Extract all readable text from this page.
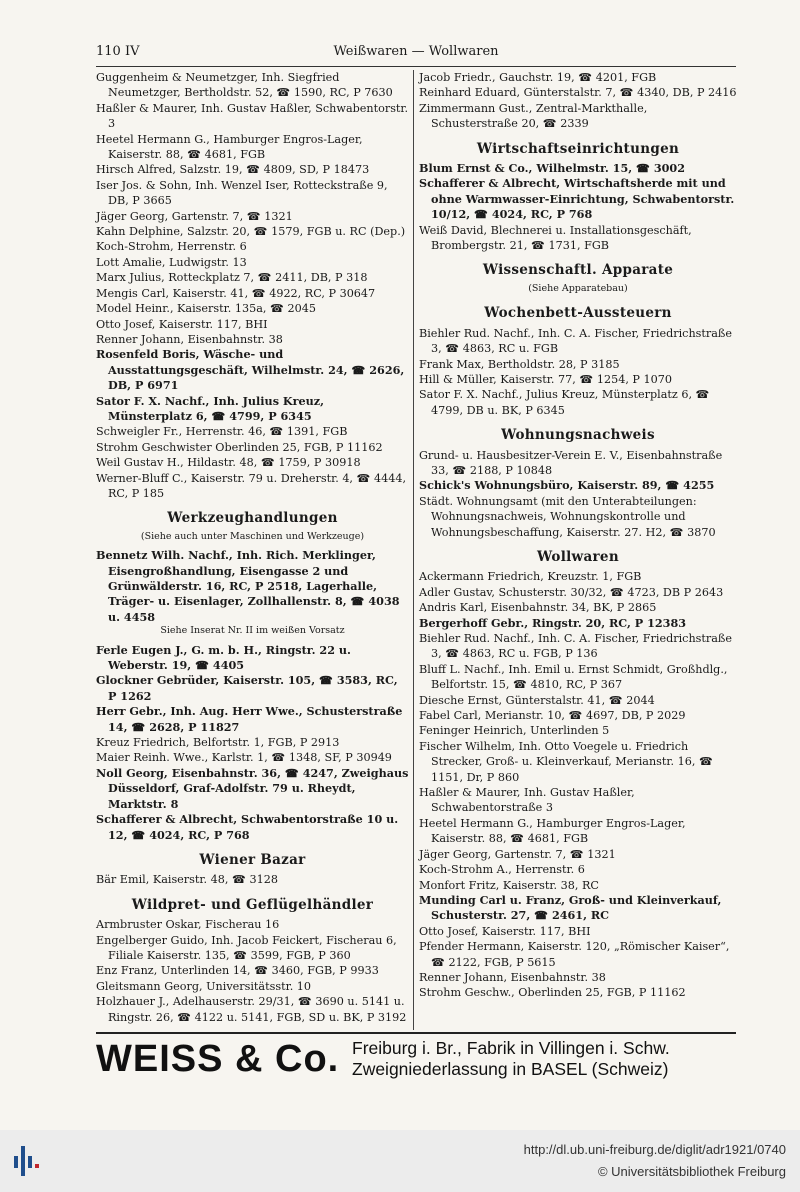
110 IV	Weißwaren — Wollwaren
Guggenheim & Neumetzger, Inh. Siegfried Neumetzger, Bertholdstr. 52, ☎ 1590, RC, P 7630
Haßler & Maurer, Inh. Gustav Haßler, Schwabentorstr. 3
Heetel Hermann G., Hamburger Engros-Lager, Kaiserstr. 88, ☎ 4681, FGB
Hirsch Alfred, Salzstr. 19, ☎ 4809, SD, P 18473
Iser Jos. & Sohn, Inh. Wenzel Iser, Rotteckstraße 9, DB, P 3665
Jäger Georg, Gartenstr. 7, ☎ 1321
Kahn Delphine, Salzstr. 20, ☎ 1579, FGB u. RC (Dep.)
Koch-Strohm, Herrenstr. 6
Lott Amalie, Ludwigstr. 13
Marx Julius, Rotteckplatz 7, ☎ 2411, DB, P 318
Mengis Carl, Kaiserstr. 41, ☎ 4922, RC, P 30647
Model Heinr., Kaiserstr. 135a, ☎ 2045
Otto Josef, Kaiserstr. 117, BHI
Renner Johann, Eisenbahnstr. 38
Rosenfeld Boris, Wäsche- und Ausstattungsgeschäft, Wilhelmstr. 24, ☎ 2626, DB, P 6971
Sator F. X. Nachf., Inh. Julius Kreuz, Münsterplatz 6, ☎ 4799, P 6345
Schweigler Fr., Herrenstr. 46, ☎ 1391, FGB
Strohm Geschwister Oberlinden 25, FGB, P 11162
Weil Gustav H., Hildastr. 48, ☎ 1759, P 30918
Werner-Bluff C., Kaiserstr. 79 u. Dreherstr. 4, ☎ 4444, RC, P 185
Werkzeughandlungen
(Siehe auch unter Maschinen und Werkzeuge)
Bennetz Wilh. Nachf., Inh. Rich. Merklinger, Eisengroßhandlung, Eisengasse 2 und Grünwälderstr. 16, RC, P 2518, Lagerhalle, Träger- u. Eisenlager, Zollhallenstr. 8, ☎ 4038 u. 4458
Siehe Inserat Nr. II im weißen Vorsatz
Ferle Eugen J., G. m. b. H., Ringstr. 22 u. Weberstr. 19, ☎ 4405
Glockner Gebrüder, Kaiserstr. 105, ☎ 3583, RC, P 1262
Herr Gebr., Inh. Aug. Herr Wwe., Schusterstraße 14, ☎ 2628, P 11827
Kreuz Friedrich, Belfortstr. 1, FGB, P 2913
Maier Reinh. Wwe., Karlstr. 1, ☎ 1348, SF, P 30949
Noll Georg, Eisenbahnstr. 36, ☎ 4247, Zweighaus Düsseldorf, Graf-Adolfstr. 79 u. Rheydt, Marktstr. 8
Schafferer & Albrecht, Schwabentorstraße 10 u. 12, ☎ 4024, RC, P 768
Wiener Bazar
Bär Emil, Kaiserstr. 48, ☎ 3128
Wildpret- und Geflügelhändler
Armbruster Oskar, Fischerau 16
Engelberger Guido, Inh. Jacob Feickert, Fischerau 6, Filiale Kaiserstr. 135, ☎ 3599, FGB, P 360
Enz Franz, Unterlinden 14, ☎ 3460, FGB, P 9933
Gleitsmann Georg, Universitätsstr. 10
Holzhauer J., Adelhauserstr. 29/31, ☎ 3690 u. 5141 u. Ringstr. 26, ☎ 4122 u. 5141, FGB, SD u. BK, P 3192
Jacob Friedr., Gauchstr. 19, ☎ 4201, FGB
Reinhard Eduard, Günterstalstr. 7, ☎ 4340, DB, P 2416
Zimmermann Gust., Zentral-Markthalle, Schusterstraße 20, ☎ 2339
Wirtschaftseinrichtungen
Blum Ernst & Co., Wilhelmstr. 15, ☎ 3002
Schafferer & Albrecht, Wirtschaftsherde mit und ohne Warmwasser-Einrichtung, Schwabentorstr. 10/12, ☎ 4024, RC, P 768
Weiß David, Blechnerei u. Installationsgeschäft, Brombergstr. 21, ☎ 1731, FGB
Wissenschaftl. Apparate
(Siehe Apparatebau)
Wochenbett-Aussteuern
Biehler Rud. Nachf., Inh. C. A. Fischer, Friedrichstraße 3, ☎ 4863, RC u. FGB
Frank Max, Bertholdstr. 28, P 3185
Hill & Müller, Kaiserstr. 77, ☎ 1254, P 1070
Sator F. X. Nachf., Julius Kreuz, Münsterplatz 6, ☎ 4799, DB u. BK, P 6345
Wohnungsnachweis
Grund- u. Hausbesitzer-Verein E. V., Eisenbahnstraße 33, ☎ 2188, P 10848
Schick's Wohnungsbüro, Kaiserstr. 89, ☎ 4255
Städt. Wohnungsamt (mit den Unterabteilungen: Wohnungsnachweis, Wohnungskontrolle und Wohnungsbeschaffung, Kaiserstr. 27. H2, ☎ 3870
Wollwaren
Ackermann Friedrich, Kreuzstr. 1, FGB
Adler Gustav, Schusterstr. 30/32, ☎ 4723, DB P 2643
Andris Karl, Eisenbahnstr. 34, BK, P 2865
Bergerhoff Gebr., Ringstr. 20, RC, P 12383
Biehler Rud. Nachf., Inh. C. A. Fischer, Friedrichstraße 3, ☎ 4863, RC u. FGB, P 136
Bluff L. Nachf., Inh. Emil u. Ernst Schmidt, Großhdlg., Belfortstr. 15, ☎ 4810, RC, P 367
Diesche Ernst, Günterstalstr. 41, ☎ 2044
Fabel Carl, Merianstr. 10, ☎ 4697, DB, P 2029
Feninger Heinrich, Unterlinden 5
Fischer Wilhelm, Inh. Otto Voegele u. Friedrich Strecker, Groß- u. Kleinverkauf, Merianstr. 16, ☎ 1151, Dr, P 860
Haßler & Maurer, Inh. Gustav Haßler, Schwabentorstraße 3
Heetel Hermann G., Hamburger Engros-Lager, Kaiserstr. 88, ☎ 4681, FGB
Jäger Georg, Gartenstr. 7, ☎ 1321
Koch-Strohm A., Herrenstr. 6
Monfort Fritz, Kaiserstr. 38, RC
Munding Carl u. Franz, Groß- und Kleinverkauf, Schusterstr. 27, ☎ 2461, RC
Otto Josef, Kaiserstr. 117, BHI
Pfender Hermann, Kaiserstr. 120, „Römischer Kaiser“, ☎ 2122, FGB, P 5615
Renner Johann, Eisenbahnstr. 38
Strohm Geschw., Oberlinden 25, FGB, P 11162
WEISS & Co. Freiburg i. Br., Fabrik in Villingen i. Schw.
Zweigniederlassung in BASEL (Schweiz)
http://dl.ub.uni-freiburg.de/diglit/adr1921/0740
© Universitätsbibliothek Freiburg
